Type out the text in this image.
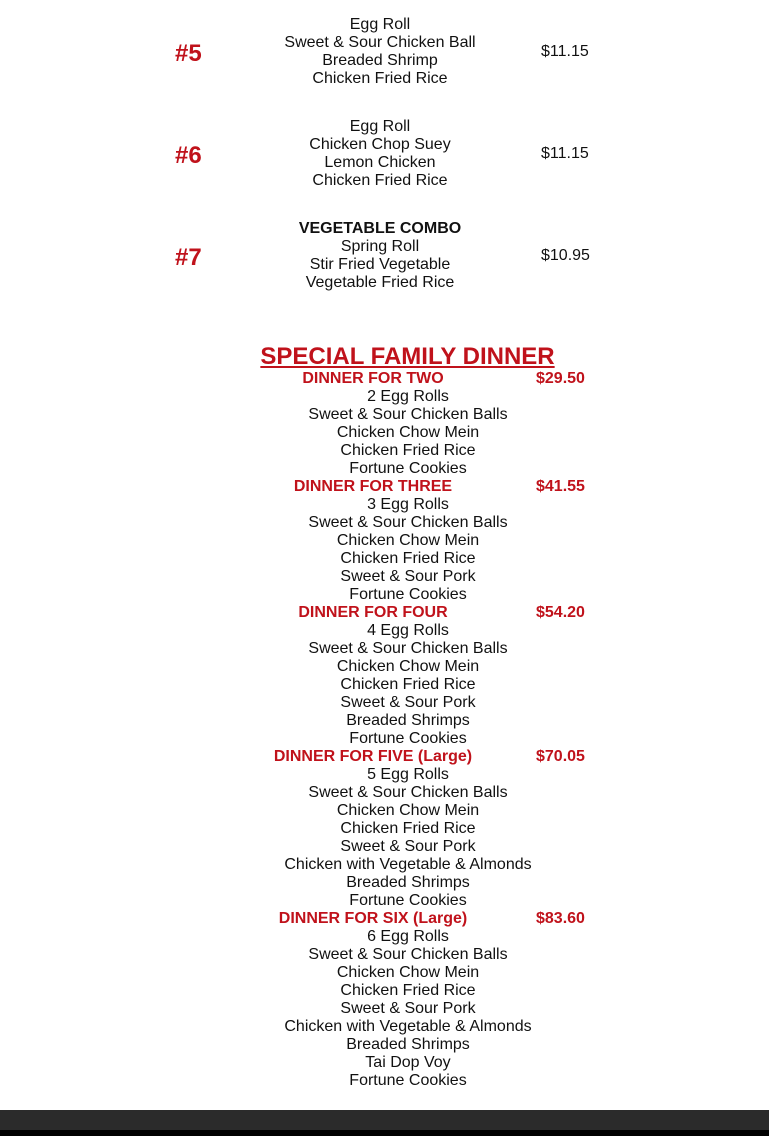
#5
Egg Roll
Sweet & Sour Chicken Ball
Breaded Shrimp
Chicken Fried Rice
$11.15
#6
Egg Roll
Chicken Chop Suey
Lemon Chicken
Chicken Fried Rice
$11.15
#7
VEGETABLE COMBO
Spring Roll
Stir Fried Vegetable
Vegetable Fried Rice
$10.95
SPECIAL FAMILY DINNER
DINNER FOR TWO	$29.50
2 Egg Rolls
Sweet & Sour Chicken Balls
Chicken Chow Mein
Chicken Fried Rice
Fortune Cookies
DINNER FOR THREE	$41.55
3 Egg Rolls
Sweet & Sour Chicken Balls
Chicken Chow Mein
Chicken Fried Rice
Sweet & Sour Pork
Fortune Cookies
DINNER FOR FOUR	$54.20
4 Egg Rolls
Sweet & Sour Chicken Balls
Chicken Chow Mein
Chicken Fried Rice
Sweet & Sour Pork
Breaded Shrimps
Fortune Cookies
DINNER FOR FIVE (Large)	$70.05
5 Egg Rolls
Sweet & Sour Chicken Balls
Chicken Chow Mein
Chicken Fried Rice
Sweet & Sour Pork
Chicken with Vegetable & Almonds
Breaded Shrimps
Fortune Cookies
DINNER FOR SIX (Large)	$83.60
6 Egg Rolls
Sweet & Sour Chicken Balls
Chicken Chow Mein
Chicken Fried Rice
Sweet & Sour Pork
Chicken with Vegetable & Almonds
Breaded Shrimps
Tai Dop Voy
Fortune Cookies
